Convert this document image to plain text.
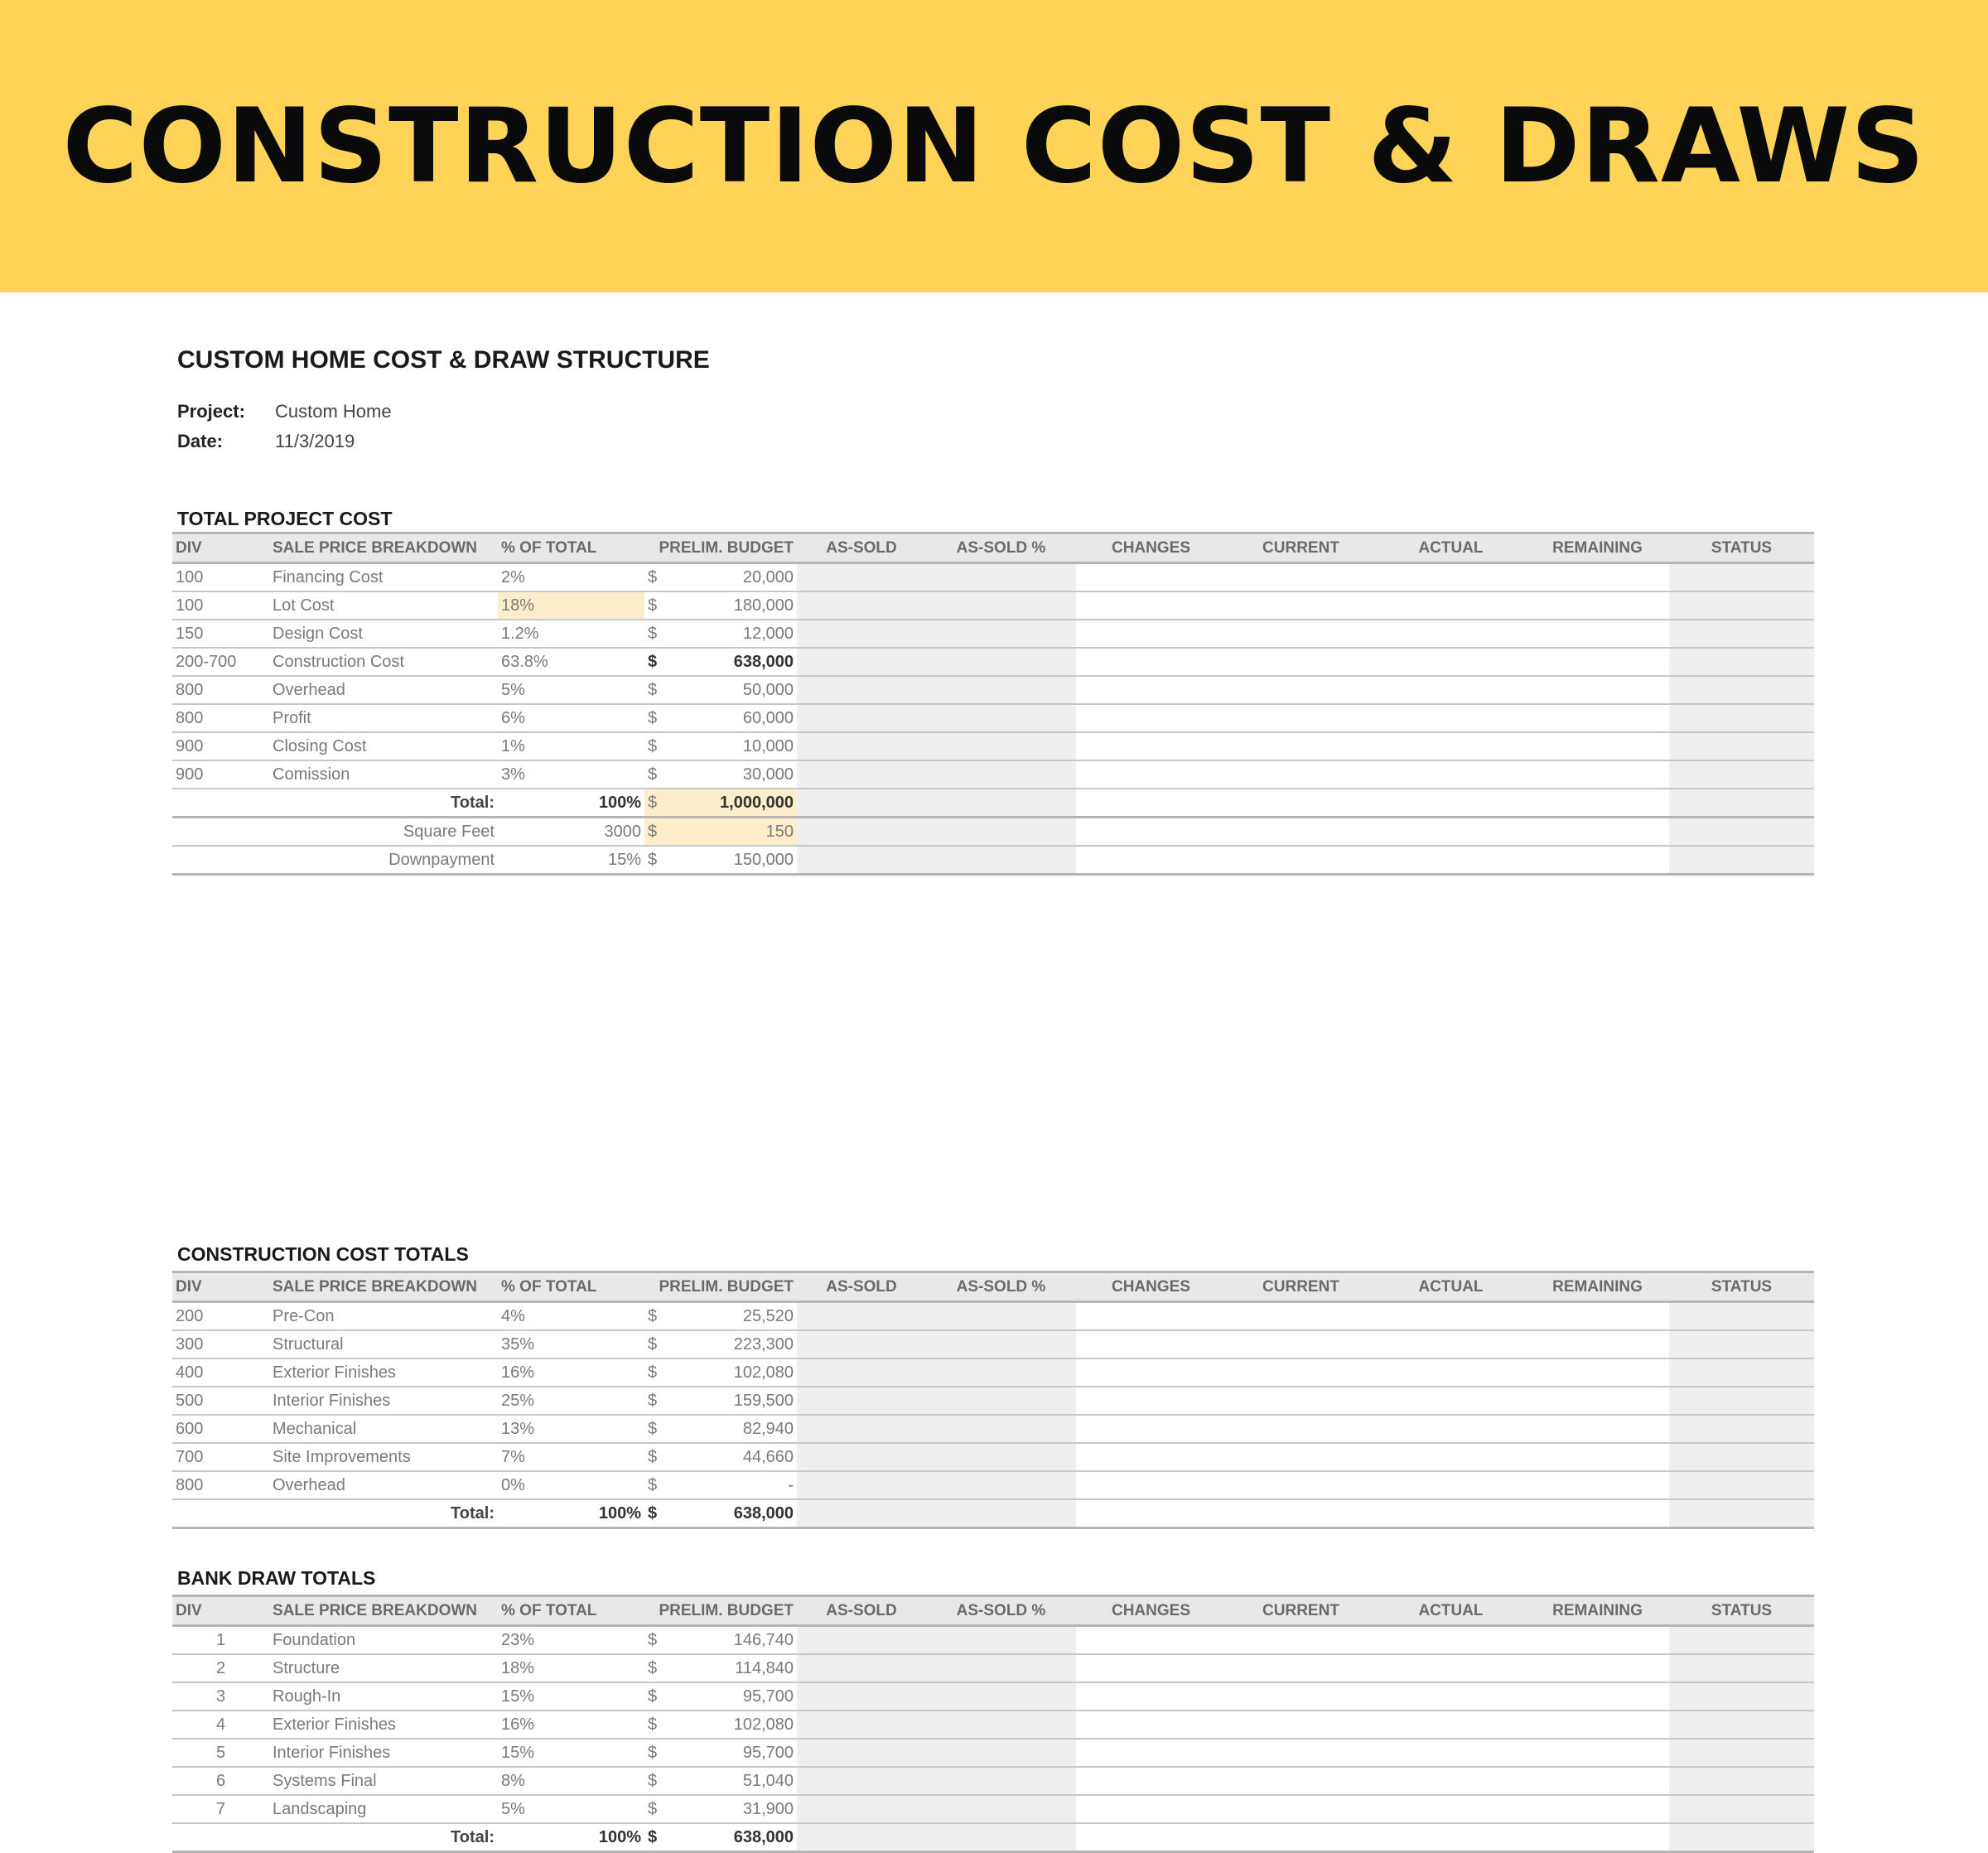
CONSTRUCTION COST & DRAWS
CUSTOM HOME COST & DRAW STRUCTURE
Project: Custom Home
Date:	11/3/2019
TOTAL PROJECT COST
DIV	SALE PRICE BREAKDOWN	% OF TOTAL	PRELIM. BUDGET		AS-SOLD	AS-SOLD %	CHANGES	CURRENT	ACTUAL	REMAINING	STATUS
100	Financing Cost	2%	$	20,000							
100	Lot Cost	18%	$	180,000							
150	Design Cost	1.2%	$	12,000							
200-700	Construction Cost	63.8%	$	638,000							
800	Overhead	5%	$	50,000							
800	Profit	6%	$	60,000							
900	Closing Cost	1%	$	10,000							
900	Comission	3%	$	30,000							
Total:		100%	$	1,000,000							
Square Feet		3000	$	150							
Downpayment		15%	$	150,000							
CONSTRUCTION COST TOTALS
DIV	SALE PRICE BREAKDOWN	% OF TOTAL	PRELIM. BUDGET		AS-SOLD	AS-SOLD %	CHANGES	CURRENT	ACTUAL	REMAINING	STATUS
200	Pre-Con	4%	$	25,520							
300	Structural	35%	$	223,300							
400	Exterior Finishes	16%	$	102,080							
500	Interior Finishes	25%	$	159,500							
600	Mechanical	13%	$	82,940							
700	Site Improvements	7%	$	44,660							
800	Overhead	0%	$	-							
Total:		100%	$	638,000							
BANK DRAW TOTALS
DIV	SALE PRICE BREAKDOWN	% OF TOTAL	PRELIM. BUDGET		AS-SOLD	AS-SOLD %	CHANGES	CURRENT	ACTUAL	REMAINING	STATUS
1	Foundation	23%	$	146,740							
2	Structure	18%	$	114,840							
3	Rough-In	15%	$	95,700							
4	Exterior Finishes	16%	$	102,080							
5	Interior Finishes	15%	$	95,700							
6	Systems Final	8%	$	51,040							
7	Landscaping	5%	$	31,900							
Total:		100%	$	638,000							
